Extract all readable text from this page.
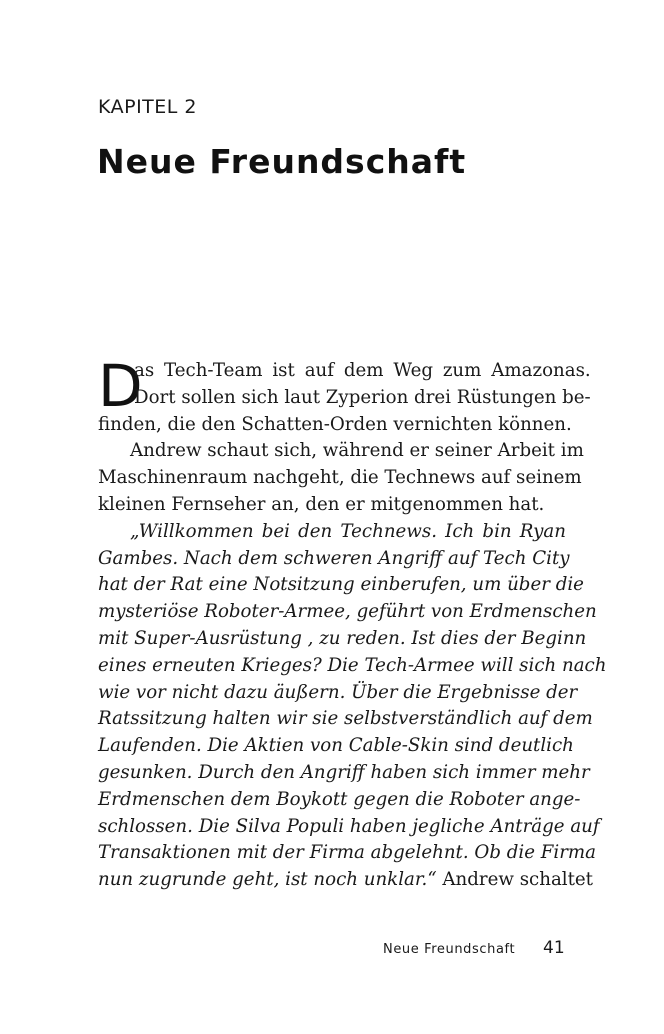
KAPITEL 2
Neue Freundschaft
D
as Tech-Team ist auf dem Weg zum Amazonas.
Dort sollen sich laut Zyperion drei Rüstungen be-
finden, die den Schatten-Orden vernichten können.
Andrew schaut sich, während er seiner Arbeit im
Maschinenraum nachgeht, die Technews auf seinem
kleinen Fernseher an, den er mitgenommen hat.
„Willkommen bei den Technews. Ich bin Ryan
Gambes. Nach dem schweren Angriff auf Tech City
hat der Rat eine Notsitzung einberufen, um über die
mysteriöse Roboter-Armee, geführt von Erdmenschen
mit Super-Ausrüstung , zu reden. Ist dies der Beginn
eines erneuten Krieges? Die Tech-Armee will sich nach
wie vor nicht dazu äußern. Über die Ergebnisse der
Ratssitzung halten wir sie selbstverständlich auf dem
Laufenden. Die Aktien von Cable-Skin sind deutlich
gesunken. Durch den Angriff haben sich immer mehr
Erdmenschen dem Boykott gegen die Roboter ange-
schlossen. Die Silva Populi haben jegliche Anträge auf
Transaktionen mit der Firma abgelehnt. Ob die Firma
nun zugrunde geht, ist noch unklar.“ Andrew schaltet
Neue Freundschaft 41
